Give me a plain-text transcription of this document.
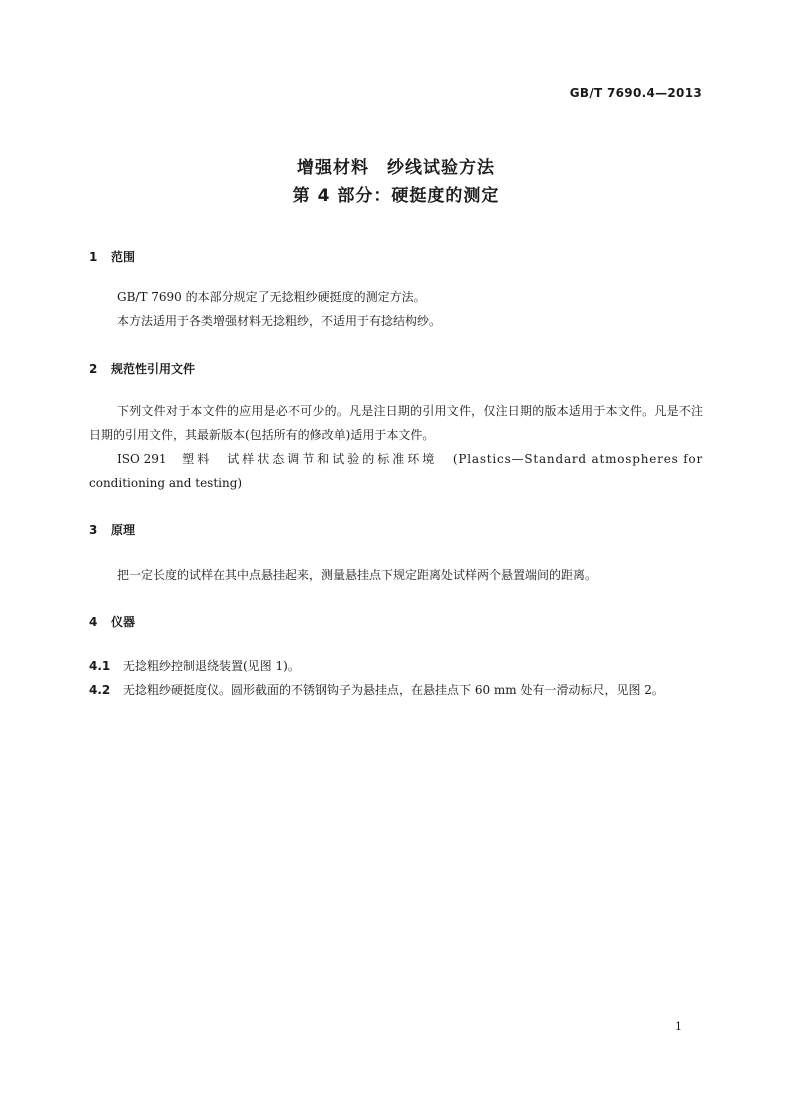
GB/T 7690.4—2013
增强材料　纱线试验方法
第 4 部分：硬挺度的测定
1 范围
GB/T 7690 的本部分规定了无捻粗纱硬挺度的测定方法。
本方法适用于各类增强材料无捻粗纱，不适用于有捻结构纱。
2 规范性引用文件
下列文件对于本文件的应用是必不可少的。凡是注日期的引用文件，仅注日期的版本适用于本文件。凡是不注日期的引用文件，其最新版本(包括所有的修改单)适用于本文件。
ISO 291 塑料　试样状态调节和试验的标准环境 (Plastics—Standard atmospheres for
conditioning and testing)
3 原理
把一定长度的试样在其中点悬挂起来，测量悬挂点下规定距离处试样两个悬置端间的距离。
4 仪器
4.1 无捻粗纱控制退绕装置(见图 1)。
4.2 无捻粗纱硬挺度仪。圆形截面的不锈钢钩子为悬挂点，在悬挂点下 60 mm 处有一滑动标尺，见图 2。
1
